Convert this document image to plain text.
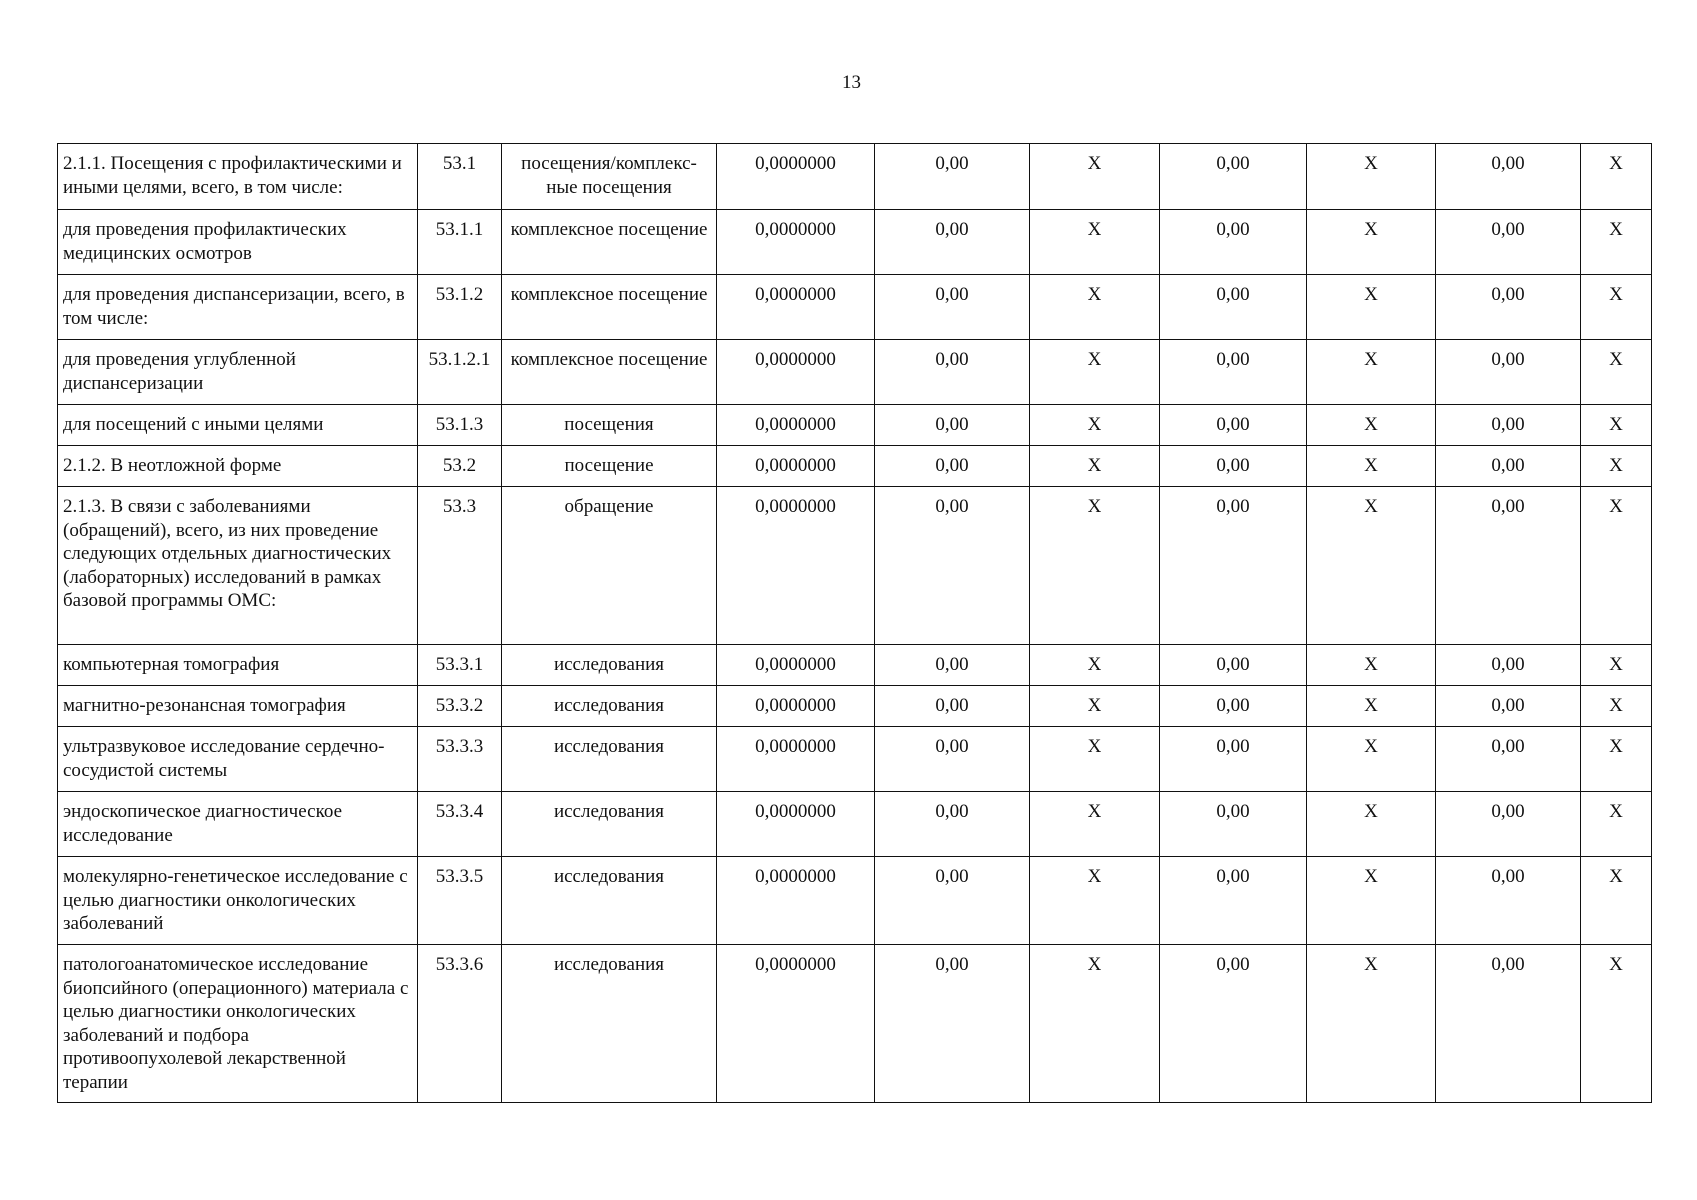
13
2.1.1. Посещения с профилактическими и иными целями, всего, в том числе:	53.1	посещения/комплекс-ные посещения	0,0000000	0,00	Х	0,00	Х	0,00	Х
для проведения профилактических медицинских осмотров	53.1.1	комплексное посещение	0,0000000	0,00	Х	0,00	Х	0,00	Х
для проведения диспансеризации, всего, в том числе:	53.1.2	комплексное посещение	0,0000000	0,00	Х	0,00	Х	0,00	Х
для проведения углубленной диспансеризации	53.1.2.1	комплексное посещение	0,0000000	0,00	Х	0,00	Х	0,00	Х
для посещений с иными целями	53.1.3	посещения	0,0000000	0,00	Х	0,00	Х	0,00	Х
2.1.2. В неотложной форме	53.2	посещение	0,0000000	0,00	Х	0,00	Х	0,00	Х
2.1.3. В связи с заболеваниями (обращений), всего, из них проведение следующих отдельных диагностических (лабораторных) исследований в рамках базовой программы ОМС:	53.3	обращение	0,0000000	0,00	Х	0,00	Х	0,00	Х
компьютерная томография	53.3.1	исследования	0,0000000	0,00	Х	0,00	Х	0,00	Х
магнитно-резонансная томография	53.3.2	исследования	0,0000000	0,00	Х	0,00	Х	0,00	Х
ультразвуковое исследование сердечно-сосудистой системы	53.3.3	исследования	0,0000000	0,00	Х	0,00	Х	0,00	Х
эндоскопическое диагностическое исследование	53.3.4	исследования	0,0000000	0,00	Х	0,00	Х	0,00	Х
молекулярно-генетическое исследование с целью диагностики онкологических заболеваний	53.3.5	исследования	0,0000000	0,00	Х	0,00	Х	0,00	Х
патологоанатомическое исследование биопсийного (операционного) материала с целью диагностики онкологических заболеваний и подбора противоопухолевой лекарственной терапии	53.3.6	исследования	0,0000000	0,00	Х	0,00	Х	0,00	Х
